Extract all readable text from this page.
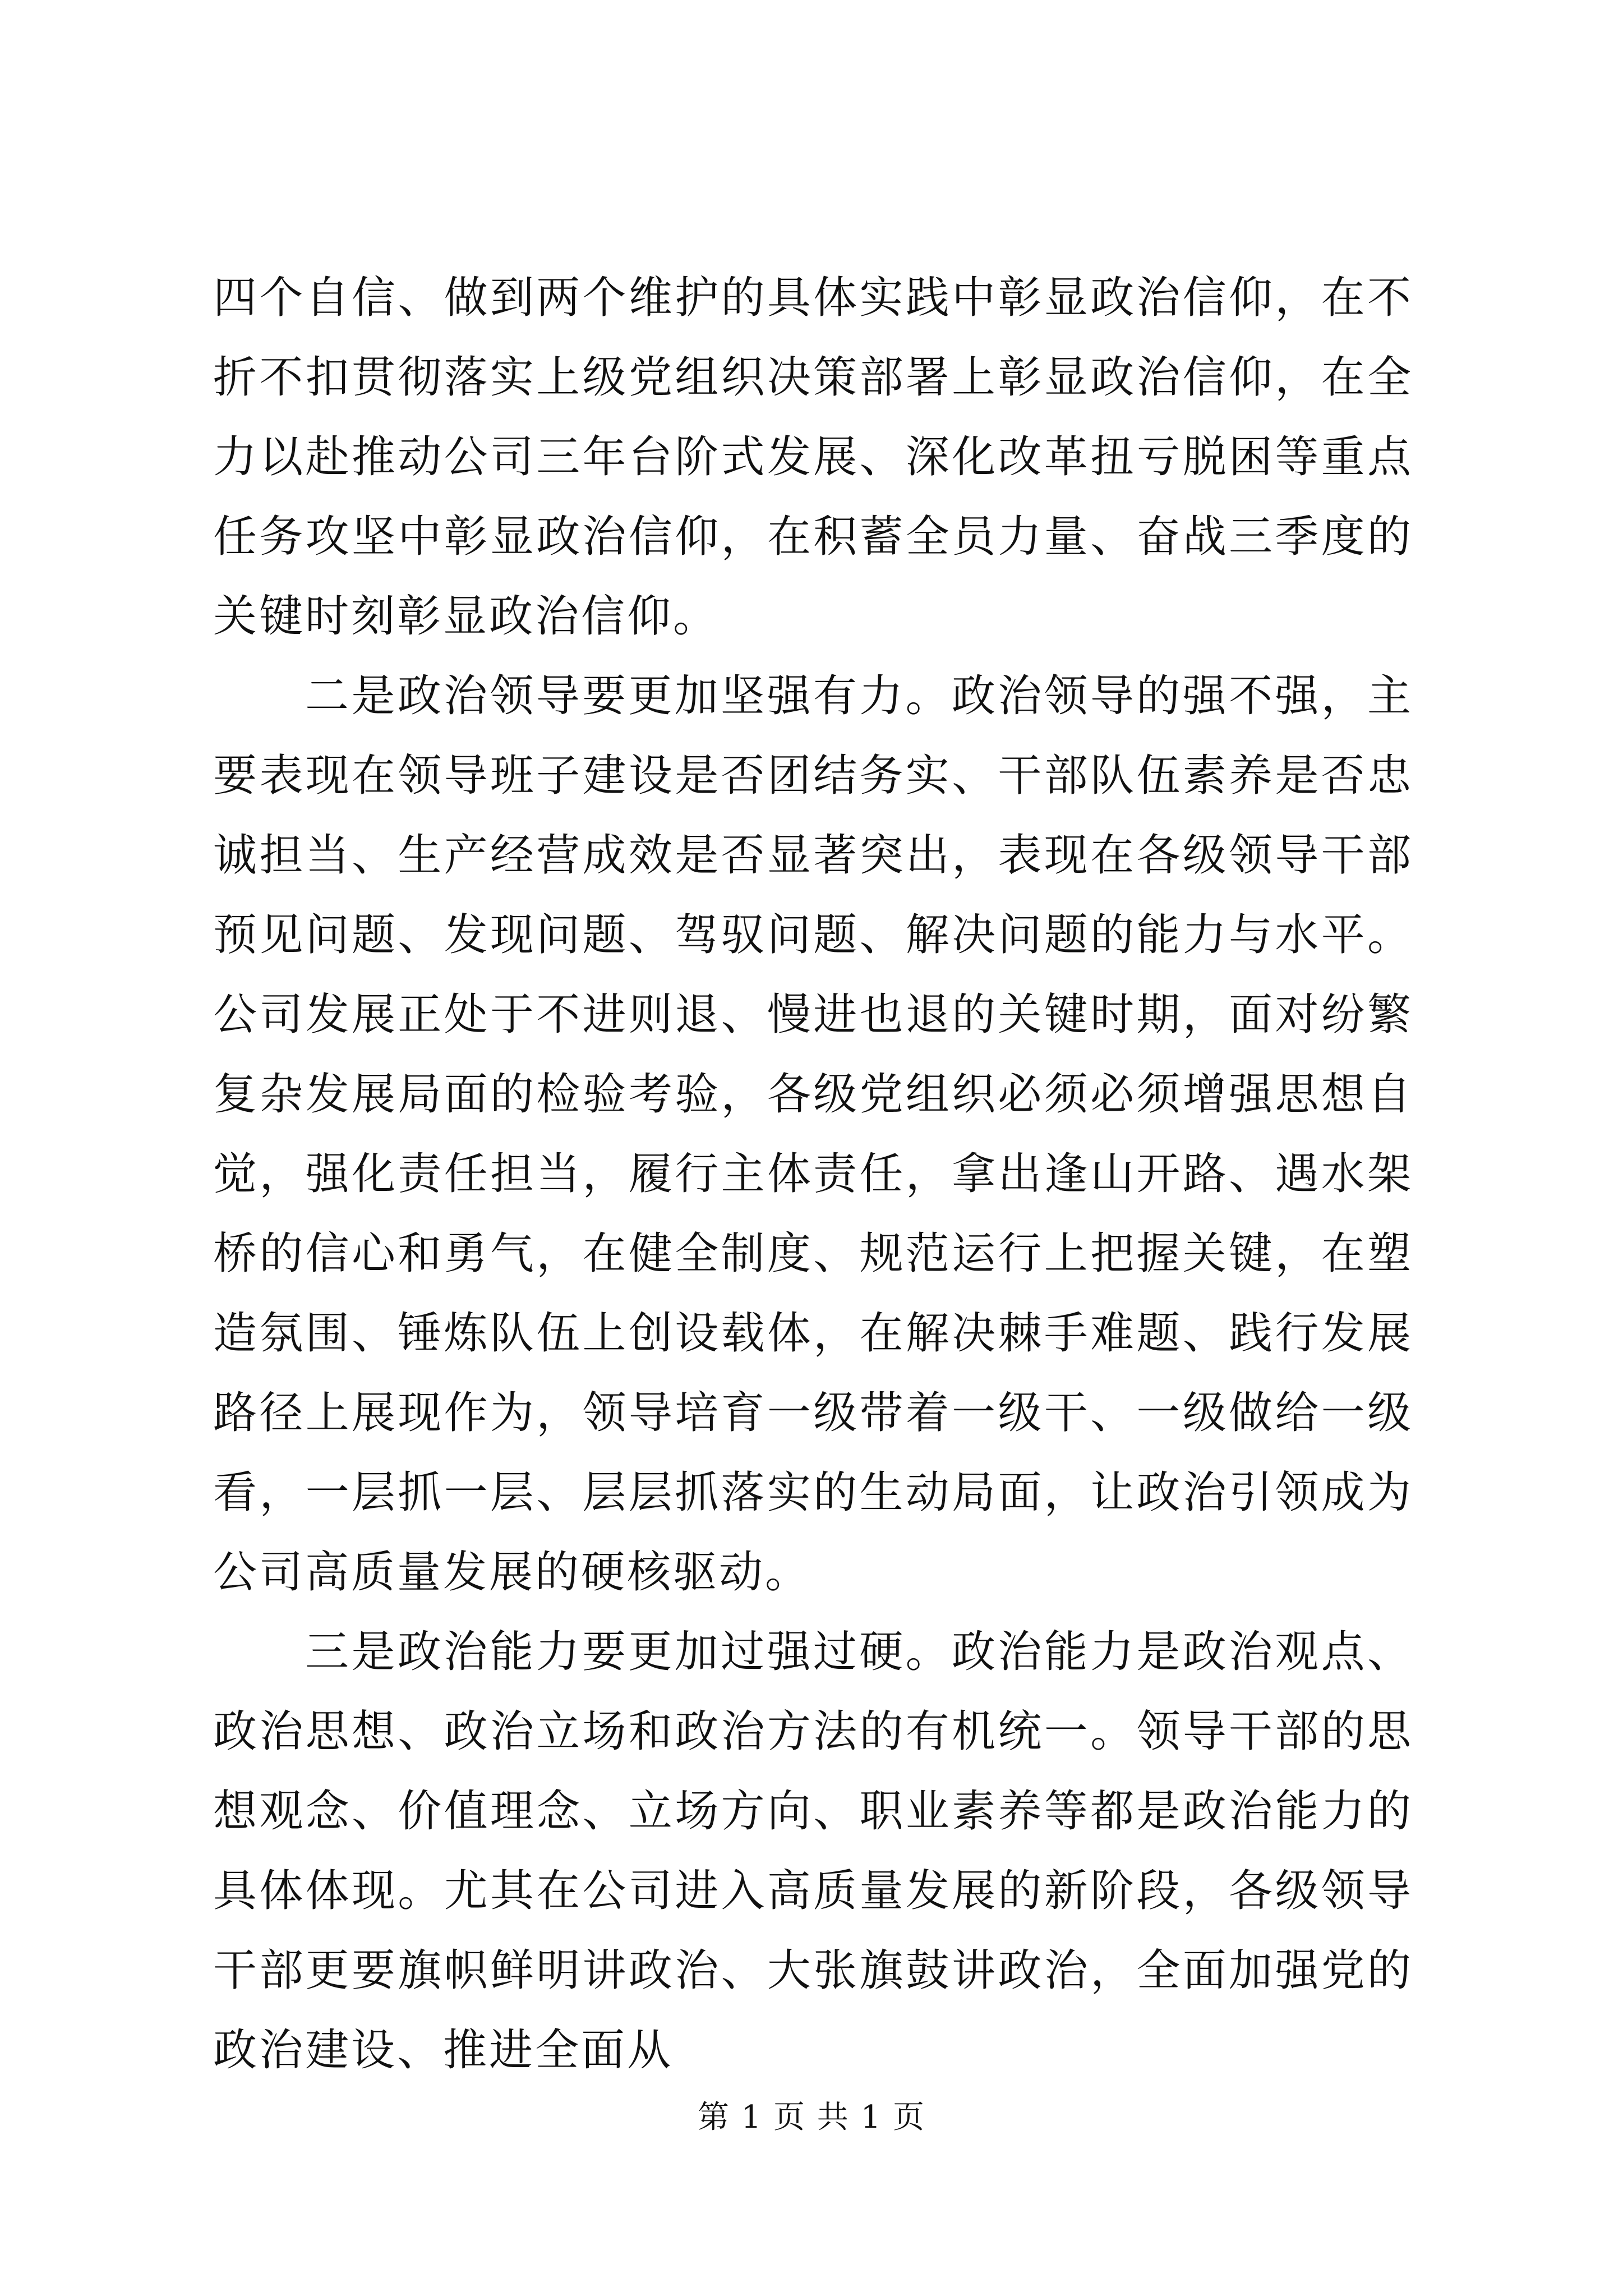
四个自信、做到两个维护的具体实践中彰显政治信仰，在不折不扣贯彻落实上级党组织决策部署上彰显政治信仰，在全力以赴推动公司三年台阶式发展、深化改革扭亏脱困等重点任务攻坚中彰显政治信仰，在积蓄全员力量、奋战三季度的关键时刻彰显政治信仰。

二是政治领导要更加坚强有力。政治领导的强不强，主要表现在领导班子建设是否团结务实、干部队伍素养是否忠诚担当、生产经营成效是否显著突出，表现在各级领导干部预见问题、发现问题、驾驭问题、解决问题的能力与水平。公司发展正处于不进则退、慢进也退的关键时期，面对纷繁复杂发展局面的检验考验，各级党组织必须必须增强思想自觉，强化责任担当，履行主体责任，拿出逢山开路、遇水架桥的信心和勇气，在健全制度、规范运行上把握关键，在塑造氛围、锤炼队伍上创设载体，在解决棘手难题、践行发展路径上展现作为，领导培育一级带着一级干、一级做给一级看，一层抓一层、层层抓落实的生动局面，让政治引领成为公司高质量发展的硬核驱动。

三是政治能力要更加过强过硬。政治能力是政治观点、政治思想、政治立场和政治方法的有机统一。领导干部的思想观念、价值理念、立场方向、职业素养等都是政治能力的具体体现。尤其在公司进入高质量发展的新阶段，各级领导干部更要旗帜鲜明讲政治、大张旗鼓讲政治，全面加强党的政治建设、推进全面从

第 1 页 共 1 页
